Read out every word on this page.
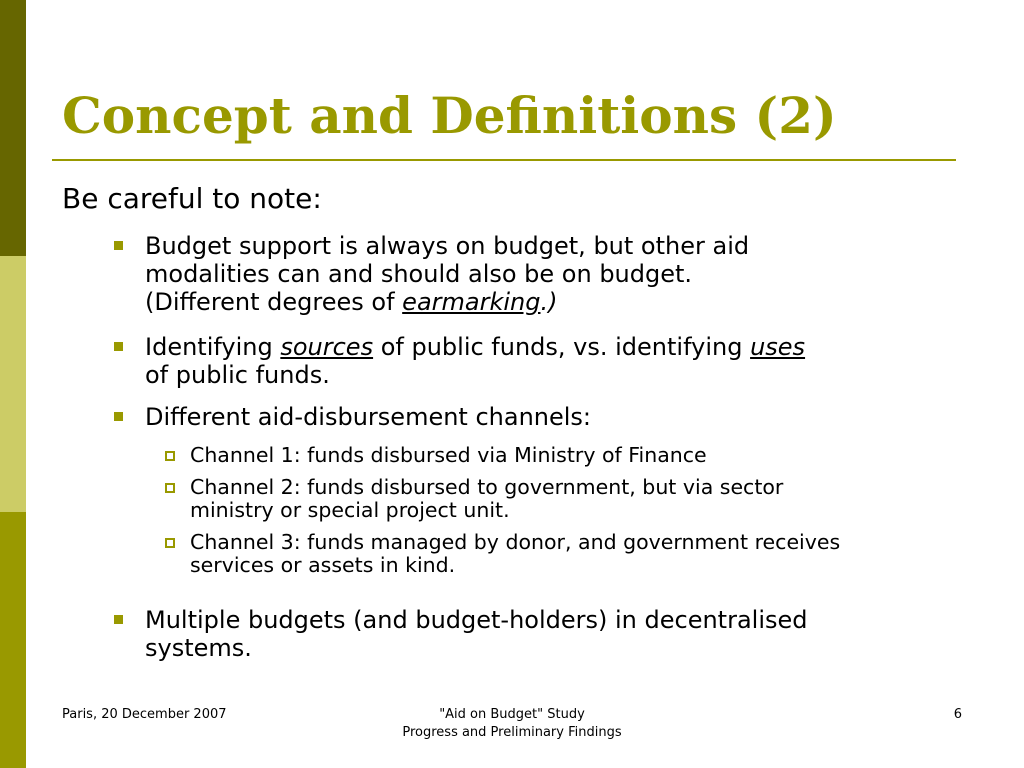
Concept and Definitions (2)

Be careful to note:

Budget support is always on budget, but other aid

modalities can and should also be on budget.

(Different degrees of earmarking.)

Identifying sources of public funds, vs. identifying uses

of public funds.

Different aid-disbursement channels:

Channel 1: funds disbursed via Ministry of Finance

Channel 2: funds disbursed to government, but via sector

ministry or special project unit.

Channel 3: funds managed by donor, and government receives

services or assets in kind.

Multiple budgets (and budget-holders) in decentralised

systems.

Paris, 20 December 2007	"Aid on Budget" Study
Progress and Preliminary Findings
6
